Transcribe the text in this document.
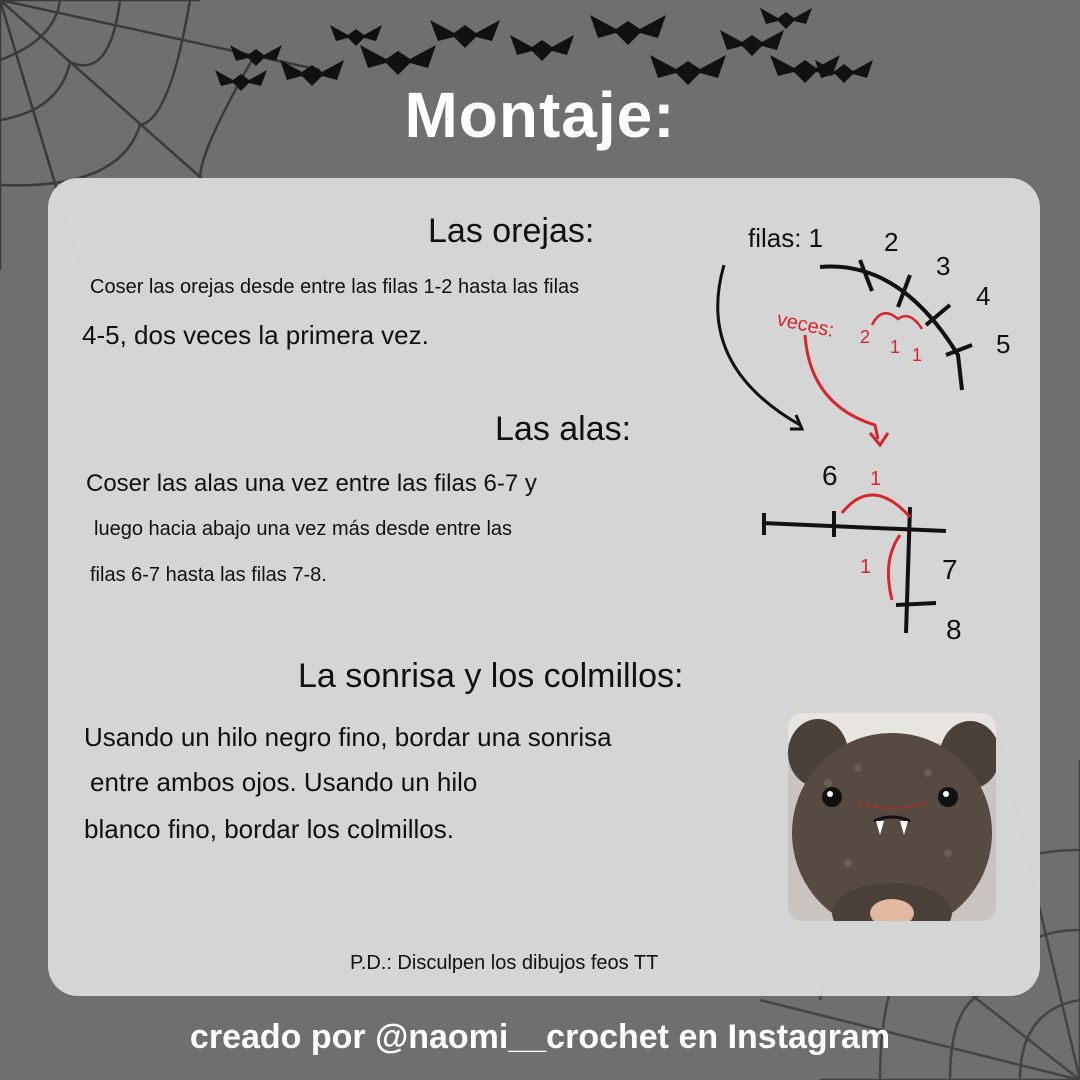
Montaje:
Las orejas:
Coser las orejas desde entre las filas 1-2 hasta las filas
4-5, dos veces la primera vez.
Las alas:
Coser las alas una vez entre las filas 6-7 y
luego hacia abajo una vez más desde entre las
filas 6-7 hasta las filas 7-8.
La sonrisa y los colmillos:
Usando un hilo negro fino, bordar una sonrisa
entre ambos ojos. Usando un hilo
blanco fino, bordar los colmillos.
P.D.: Disculpen los dibujos feos TT
filas: 1 2
3
4
5
veces: 2 1 1
6
7
8
1
1
creado por @naomi__crochet en Instagram
